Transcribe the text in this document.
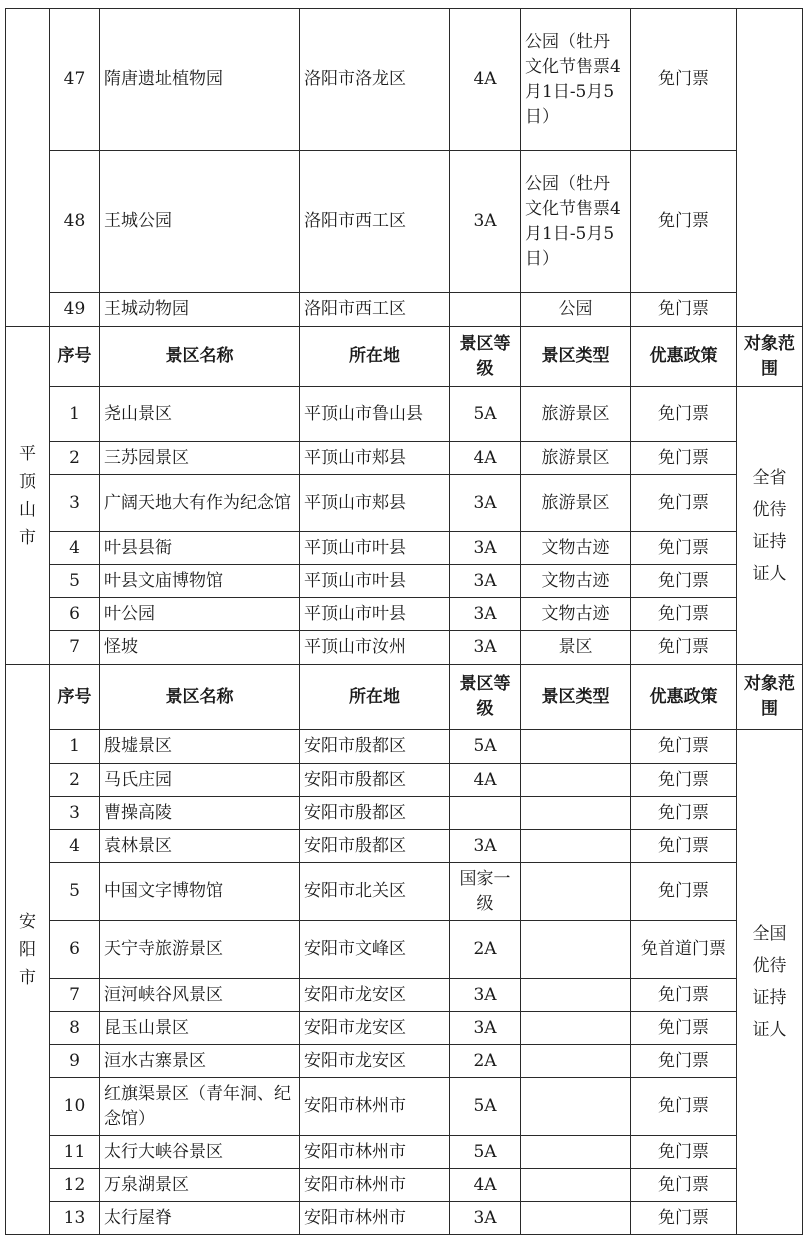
	47	隋唐遗址植物园	洛阳市洛龙区	4A	公园（牡丹文化节售票4月1日-5月5日）	免门票	
	48	王城公园	洛阳市西工区	3A	公园（牡丹文化节售票4月1日-5月5日）	免门票	
	49	王城动物园	洛阳市西工区		公园	免门票	
平顶山市	序号	景区名称	所在地	景区等级	景区类型	优惠政策	对象范围
	1	尧山景区	平顶山市鲁山县	5A	旅游景区	免门票	全省优待证持证人
	2	三苏园景区	平顶山市郏县	4A	旅游景区	免门票	
	3	广阔天地大有作为纪念馆	平顶山市郏县	3A	旅游景区	免门票	
	4	叶县县衙	平顶山市叶县	3A	文物古迹	免门票	
	5	叶县文庙博物馆	平顶山市叶县	3A	文物古迹	免门票	
	6	叶公园	平顶山市叶县	3A	文物古迹	免门票	
	7	怪坡	平顶山市汝州	3A	景区	免门票	
安阳市	序号	景区名称	所在地	景区等级	景区类型	优惠政策	对象范围
	1	殷墟景区	安阳市殷都区	5A		免门票	全国优待证持证人
	2	马氏庄园	安阳市殷都区	4A		免门票	
	3	曹操高陵	安阳市殷都区			免门票	
	4	袁林景区	安阳市殷都区	3A		免门票	
	5	中国文字博物馆	安阳市北关区	国家一级		免门票	
	6	天宁寺旅游景区	安阳市文峰区	2A		免首道门票	
	7	洹河峡谷风景区	安阳市龙安区	3A		免门票	
	8	昆玉山景区	安阳市龙安区	3A		免门票	
	9	洹水古寨景区	安阳市龙安区	2A		免门票	
	10	红旗渠景区（青年洞、纪念馆）	安阳市林州市	5A		免门票	
	11	太行大峡谷景区	安阳市林州市	5A		免门票	
	12	万泉湖景区	安阳市林州市	4A		免门票	
	13	太行屋脊	安阳市林州市	3A		免门票	
